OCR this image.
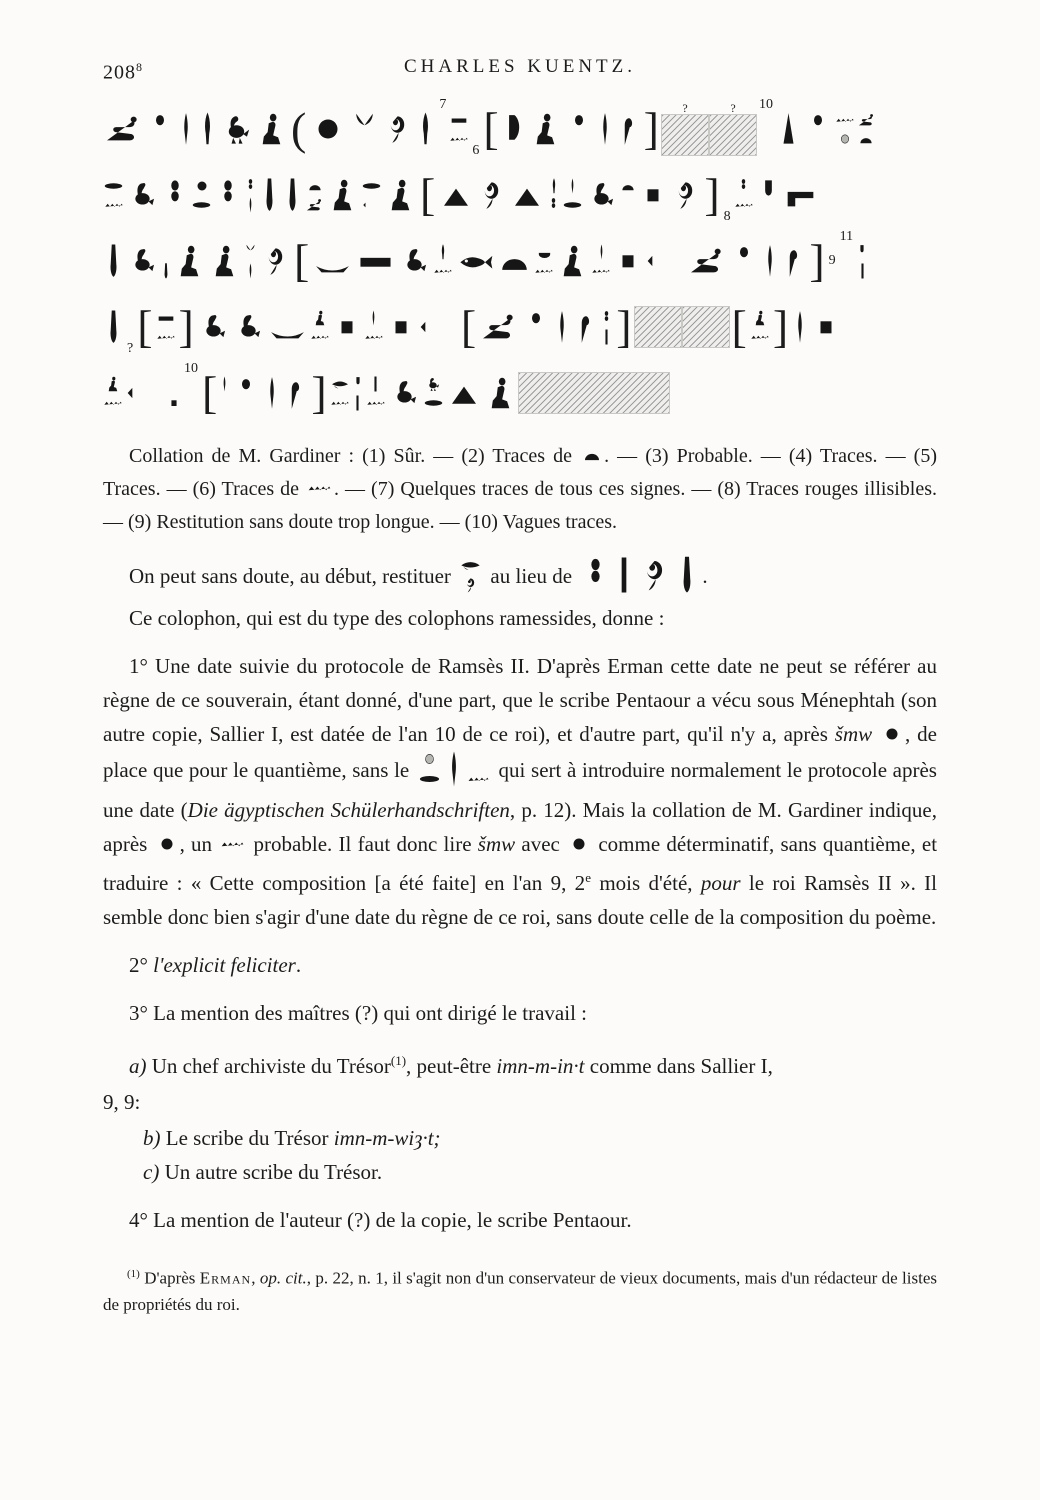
$208^8$	CHARLES KUENTZ.
(	7
6 [	] ?	? 10
[	] 8
[	] 9
11
? [ ]	[	] [ ]
10 [ ]

Collation de M. Gardiner : (1) Sûr. — (2) Traces de
. — (3) Probable. — (4) Traces. — (5) Traces. — (6) Traces de
. — (7) Quelques traces de tous ces signes. — (8) Traces rouges illisibles. — (9) Restitution sans doute trop longue. — (10) Vagues traces.

On peut sans doute, au début, restituer
au lieu de	.

Ce colophon, qui est du type des colophons ramessides, donne :

1° Une date suivie du protocole de Ramsès II. D'après Erman cette date ne peut se référer au règne de ce souverain, étant donné, d'une part, que le scribe Pentaour a vécu sous Ménephtah (son autre copie, Sallier I, est datée de l'an 10 de ce roi), et d'autre part, qu'il n'y a, après šmw , de place que pour le quantième, sans le	qui sert à introduire normalement le protocole après une date (Die ägyptischen Schülerhandschriften, p. 12). Mais la collation de M. Gardiner indique, après
, un
probable. Il faut donc lire šmw avec
comme déterminatif, sans quantième, et traduire : « Cette composition [a été faite] en l'an 9, 2e mois d'été, pour le roi Ramsès II ». Il semble donc bien s'agir d'une date du règne de ce roi, sans doute celle de la composition du poème.

2° l'explicit feliciter.

3° La mention des maîtres (?) qui ont dirigé le travail :

a) Un chef archiviste du Trésor$^{(1)}$, peut-être imn-m-in·t comme dans Sallier I,

9, 9:

b) Le scribe du Trésor imn-m-wiȝ·t;

c) Un autre scribe du Trésor.

4° La mention de l'auteur (?) de la copie, le scribe Pentaour.

$^{(1)}$ D'après Erman, op. cit., p. 22, n. 1, il s'agit non d'un conservateur de vieux documents, mais d'un rédacteur de listes de propriétés du roi.
